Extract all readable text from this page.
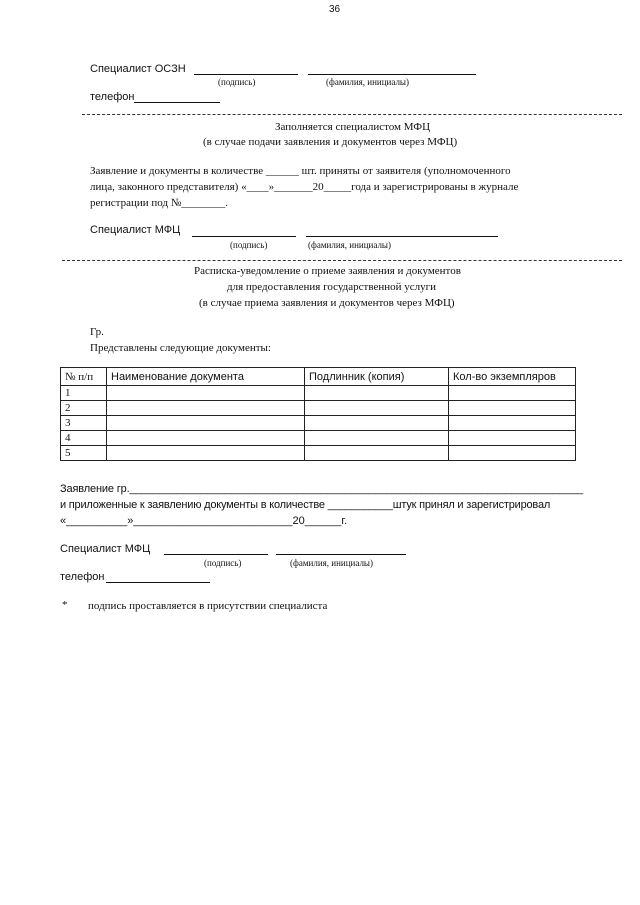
36
Специалист ОСЗН
(подпись)	(фамилия, инициалы)
телефон
Заполняется специалистом МФЦ
(в случае подачи заявления и документов через МФЦ)
Заявление и документы в количестве ______ шт. приняты от заявителя (уполномоченного
лица, законного представителя) «____»_______20_____года и зарегистрированы в журнале
регистрации под №________.
Специалист МФЦ
(подпись)	(фамилия, инициалы)
Расписка-уведомление о приеме заявления и документов
для предоставления государственной услуги
(в случае приема заявления и документов через МФЦ)
Гр.
Представлены следующие документы:
№ п/п	Наименование документа	Подлинник (копия)	Кол-во экземпляров
1			
2			
3			
4			
5			
Заявление гр.____________________________________________________________________________
и приложенные к заявлению документы в количестве ___________штук принял и зарегистрировал
«__________»__________________________20______г.
Специалист МФЦ
(подпись)	(фамилия, инициалы)
телефон
* подпись проставляется в присутствии специалиста
